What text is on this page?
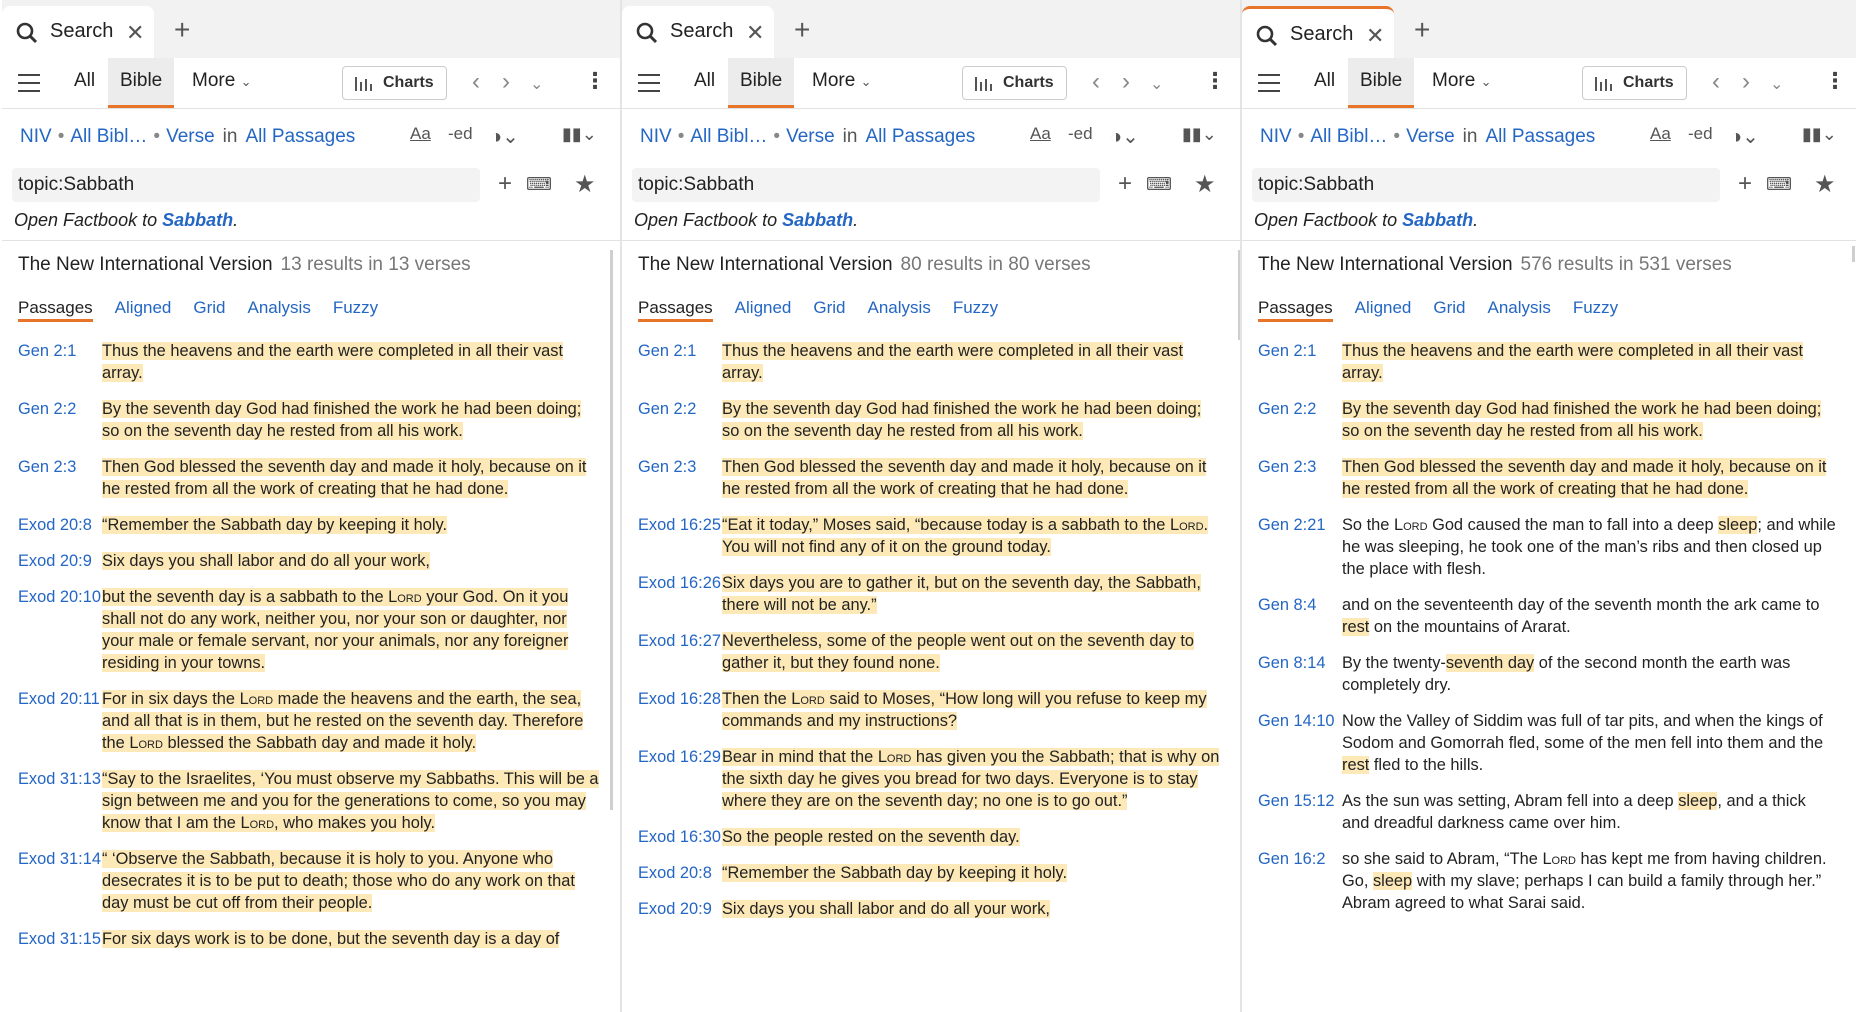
Search ✕ +
All	Bible	More ⌄	Charts	‹ › ⌄ ⋮
NIV • All Bibl… • Verse in All Passages	Aa -ed ◑⌄ ▮▮⌄
topic:Sabbath
+ ⌨ ★
Open Factbook to Sabbath.
The New International Version 13 results in 13 verses
Passages Aligned Grid Analysis Fuzzy
Gen 2:1	Thus the heavens and the earth were completed in all their vast array.
Gen 2:2	By the seventh day God had finished the work he had been doing; so on the seventh day he rested from all his work.
Gen 2:3	Then God blessed the seventh day and made it holy, because on it he rested from all the work of creating that he had done.
Exod 20:8 “Remember the Sabbath day by keeping it holy.
Exod 20:9 Six days you shall labor and do all your work,
Exod 20:10 but the seventh day is a sabbath to the Lord your God. On it you shall not do any work, neither you, nor your son or daughter, nor your male or female servant, nor your animals, nor any foreigner residing in your towns.
Exod 20:11 For in six days the Lord made the heavens and the earth, the sea, and all that is in them, but he rested on the seventh day. Therefore the Lord blessed the Sabbath day and made it holy.
Exod 31:13 “Say to the Israelites, ‘You must observe my Sabbaths. This will be a sign between me and you for the generations to come, so you may know that I am the Lord, who makes you holy.
Exod 31:14 “ ‘Observe the Sabbath, because it is holy to you. Anyone who desecrates it is to be put to death; those who do any work on that day must be cut off from their people.
Exod 31:15 For six days work is to be done, but the seventh day is a day of
Search ✕ +
All	Bible	More ⌄	Charts	‹ › ⌄ ⋮
NIV • All Bibl… • Verse in All Passages	Aa -ed ◑⌄ ▮▮⌄
topic:Sabbath
+ ⌨ ★
Open Factbook to Sabbath.
The New International Version 80 results in 80 verses
Passages Aligned Grid Analysis Fuzzy
Gen 2:1	Thus the heavens and the earth were completed in all their vast array.
Gen 2:2	By the seventh day God had finished the work he had been doing; so on the seventh day he rested from all his work.
Gen 2:3	Then God blessed the seventh day and made it holy, because on it he rested from all the work of creating that he had done.
Exod 16:25 “Eat it today,” Moses said, “because today is a sabbath to the Lord. You will not find any of it on the ground today.
Exod 16:26 Six days you are to gather it, but on the seventh day, the Sabbath, there will not be any.”
Exod 16:27 Nevertheless, some of the people went out on the seventh day to gather it, but they found none.
Exod 16:28 Then the Lord said to Moses, “How long will you refuse to keep my commands and my instructions?
Exod 16:29 Bear in mind that the Lord has given you the Sabbath; that is why on the sixth day he gives you bread for two days. Everyone is to stay where they are on the seventh day; no one is to go out.”
Exod 16:30 So the people rested on the seventh day.
Exod 20:8 “Remember the Sabbath day by keeping it holy.
Exod 20:9 Six days you shall labor and do all your work,
Search ✕ +
All	Bible	More ⌄	Charts	‹ › ⌄ ⋮
NIV • All Bibl… • Verse in All Passages	Aa -ed ◑⌄ ▮▮⌄
topic:Sabbath
+ ⌨ ★
Open Factbook to Sabbath.
The New International Version 576 results in 531 verses
Passages Aligned Grid Analysis Fuzzy
Gen 2:1	Thus the heavens and the earth were completed in all their vast array.
Gen 2:2	By the seventh day God had finished the work he had been doing; so on the seventh day he rested from all his work.
Gen 2:3	Then God blessed the seventh day and made it holy, because on it he rested from all the work of creating that he had done.
Gen 2:21	So the Lord God caused the man to fall into a deep sleep; and while he was sleeping, he took one of the man’s ribs and then closed up the place with flesh.
Gen 8:4	and on the seventeenth day of the seventh month the ark came to rest on the mountains of Ararat.
Gen 8:14	By the twenty-seventh day of the second month the earth was completely dry.
Gen 14:10 Now the Valley of Siddim was full of tar pits, and when the kings of Sodom and Gomorrah fled, some of the men fell into them and the rest fled to the hills.
Gen 15:12 As the sun was setting, Abram fell into a deep sleep, and a thick and dreadful darkness came over him.
Gen 16:2	so she said to Abram, “The Lord has kept me from having children. Go, sleep with my slave; perhaps I can build a family through her.” Abram agreed to what Sarai said.
